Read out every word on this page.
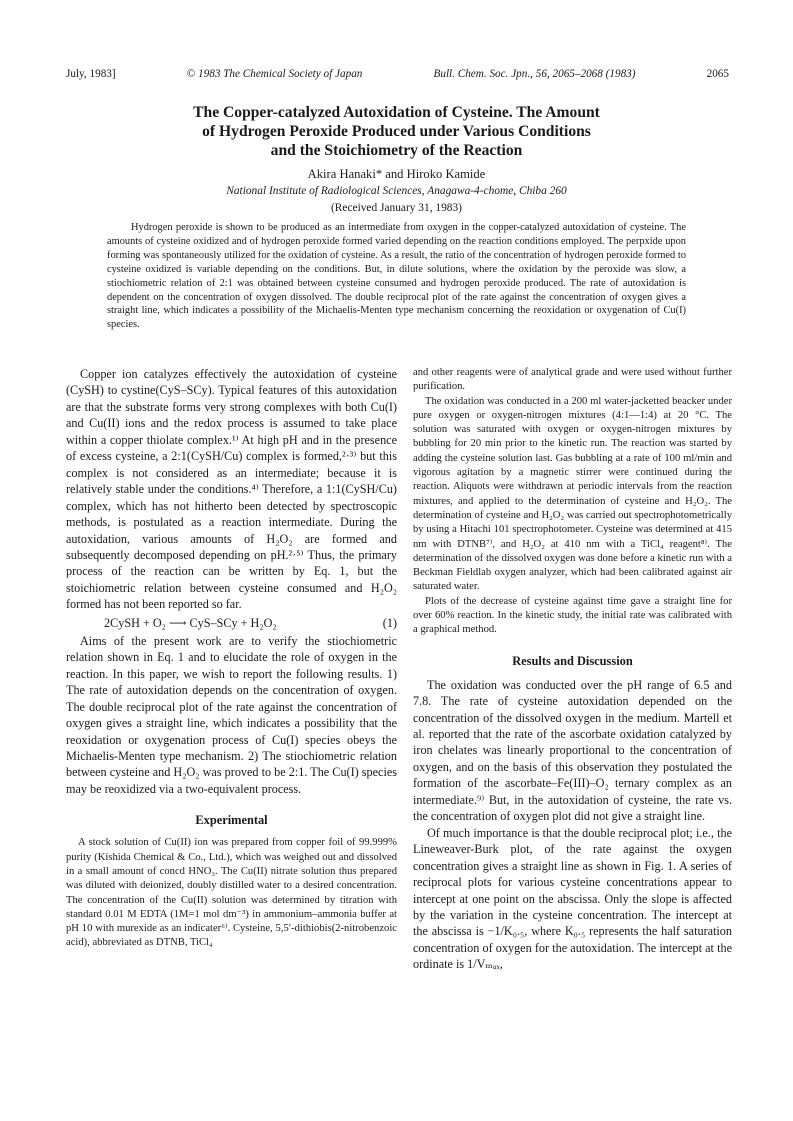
July, 1983]	© 1983 The Chemical Society of Japan	Bull. Chem. Soc. Jpn., 56, 2065–2068 (1983)	2065
The Copper-catalyzed Autoxidation of Cysteine. The Amount
of Hydrogen Peroxide Produced under Various Conditions
and the Stoichiometry of the Reaction
Akira Hanaki* and Hiroko Kamide
National Institute of Radiological Sciences, Anagawa-4-chome, Chiba 260
(Received January 31, 1983)

Hydrogen peroxide is shown to be produced as an intermediate from oxygen in the copper-catalyzed autoxidation of cysteine. The amounts of cysteine oxidized and of hydrogen peroxide formed varied depending on the reaction conditions employed. The perpxide upon forming was spontaneously utilized for the oxidation of cysteine. As a result, the ratio of the concentration of hydrogen peroxide formed to cysteine oxidized is variable depending on the conditions. But, in dilute solutions, where the oxidation by the peroxide was slow, a stiochiometric relation of 2:1 was obtained between cysteine consumed and hydrogen peroxide produced. The rate of autoxidation is dependent on the concentration of oxygen dissolved. The double reciprocal plot of the rate against the concentration of oxygen gives a straight line, which indicates a possibility of the Michaelis-Menten type mechanism concerning the reoxidation or oxygenation of Cu(I) species.

Copper ion catalyzes effectively the autoxidation of cysteine (CySH) to cystine(CyS–SCy). Typical features of this autoxidation are that the substrate forms very strong complexes with both Cu(I) and Cu(II) ions and the redox process is assumed to take place within a copper thiolate complex.¹⁾ At high pH and in the presence of excess cysteine, a 2:1(CySH/Cu) complex is formed,²·³⁾ but this complex is not considered as an intermediate; because it is relatively stable under the conditions.⁴⁾ Therefore, a 1:1(CySH/Cu) complex, which has not hitherto been detected by spectroscopic methods, is postulated as a reaction intermediate. During the autoxidation, various amounts of H₂O₂ are formed and subsequently decomposed depending on pH.²·⁵⁾ Thus, the primary process of the reaction can be written by Eq. 1, but the stoichiometric relation between cysteine consumed and H₂O₂ formed has not been reported so far.

2CySH + O₂ ⟶ CyS–SCy + H₂O₂	(1)

Aims of the present work are to verify the stiochiometric relation shown in Eq. 1 and to elucidate the role of oxygen in the reaction. In this paper, we wish to report the following results. 1) The rate of autoxidation depends on the concentration of oxygen. The double reciprocal plot of the rate against the concentration of oxygen gives a straight line, which indicates a possibility that the reoxidation or oxygenation process of Cu(I) species obeys the Michaelis-Menten type mechanism. 2) The stiochiometric relation between cysteine and H₂O₂ was proved to be 2:1. The Cu(I) species may be reoxidized via a two-equivalent process.

Experimental

A stock solution of Cu(II) ion was prepared from copper foil of 99.999% purity (Kishida Chemical & Co., Ltd.), which was weighed out and dissolved in a small amount of concd HNO₃. The Cu(II) nitrate solution thus prepared was diluted with deionized, doubly distilled water to a desired concentration. The concentration of the Cu(II) solution was determined by titration with standard 0.01 M EDTA (1M=1 mol dm⁻³) in ammonium–ammonia buffer at pH 10 with murexide as an indicater⁶⁾. Cysteine, 5,5′-dithiobis(2-nitrobenzoic acid), abbreviated as DTNB, TiCl₄

and other reagents were of analytical grade and were used without further purification.

The oxidation was conducted in a 200 ml water-jacketted beacker under pure oxygen or oxygen-nitrogen mixtures (4:1—1:4) at 20 °C. The solution was saturated with oxygen or oxygen-nitrogen mixtures by bubbling for 20 min prior to the kinetic run. The reaction was started by adding the cysteine solution last. Gas bubbling at a rate of 100 ml/min and vigorous agitation by a magnetic stirrer were continued during the reaction. Aliquots were withdrawn at periodic intervals from the reaction mixtures, and applied to the determination of cysteine and H₂O₂. The determination of cysteine and H₂O₂ was carried out spectrophotometrically by using a Hitachi 101 spectrophotometer. Cysteine was determined at 415 nm with DTNB⁷⁾, and H₂O₂ at 410 nm with a TiCl₄ reagent⁸⁾. The determination of the dissolved oxygen was done before a kinetic run with a Beckman Fieldlab oxygen analyzer, which had been calibrated against air saturated water.

Plots of the decrease of cysteine against time gave a straight line for over 60% reaction. In the kinetic study, the initial rate was calibrated with a graphical method.

Results and Discussion

The oxidation was conducted over the pH range of 6.5 and 7.8. The rate of cysteine autoxidation depended on the concentration of the dissolved oxygen in the medium. Martell et al. reported that the rate of the ascorbate oxidation catalyzed by iron chelates was linearly proportional to the concentration of oxygen, and on the basis of this observation they postulated the formation of the ascorbate–Fe(III)–O₂ ternary complex as an intermediate.⁹⁾ But, in the autoxidation of cysteine, the rate vs. the concentration of oxygen plot did not give a straight line.

Of much importance is that the double reciprocal plot; i.e., the Lineweaver-Burk plot, of the rate against the oxygen concentration gives a straight line as shown in Fig. 1. A series of reciprocal plots for various cysteine concentrations appear to intercept at one point on the abscissa. Only the slope is affected by the variation in the cysteine concentration. The intercept at the abscissa is −1/K₀.₅, where K₀.₅ represents the half saturation concentration of oxygen for the autoxidation. The intercept at the ordinate is 1/Vₘₐₓ,
